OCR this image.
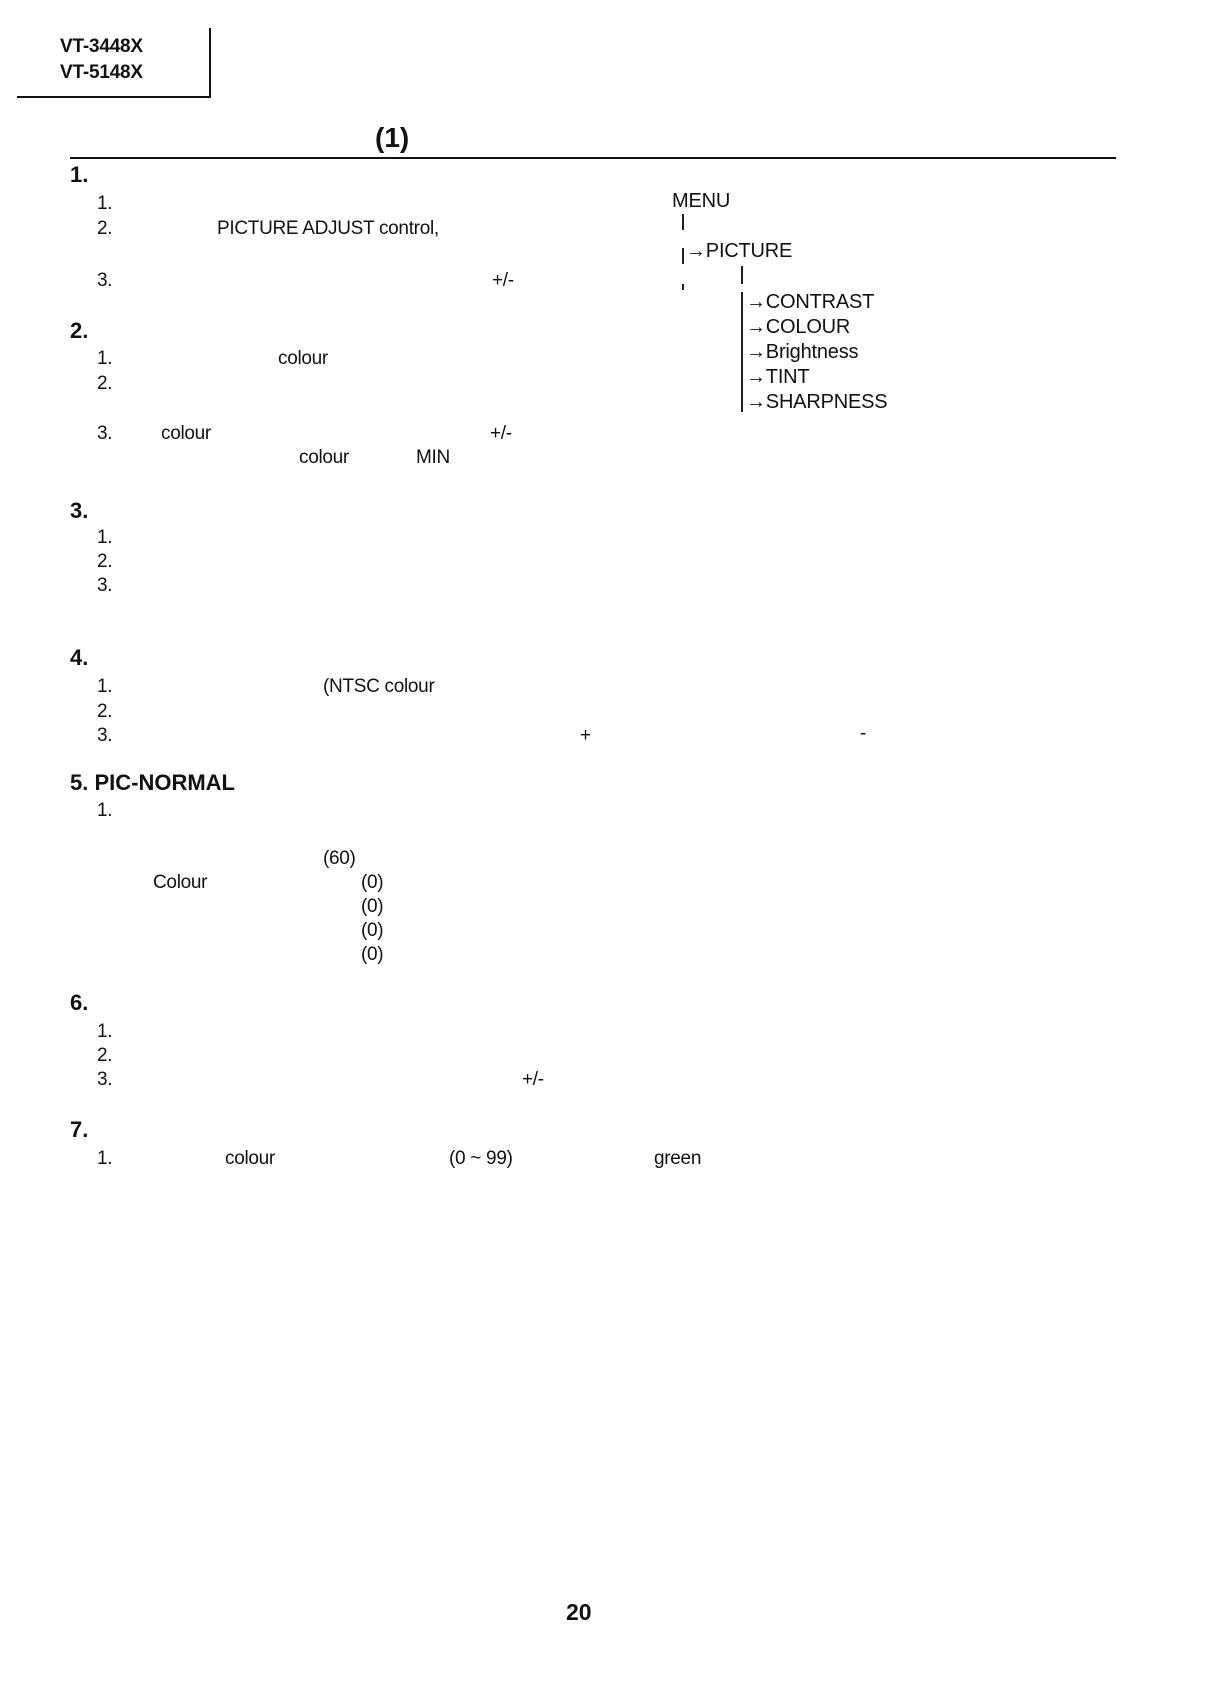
VT-3448X
VT-5148X
(1)
1.
1.
2.	PICTURE ADJUST control,
3.	+/-
2.
1.	colour
2.
3.	colour	+/-
colour	MIN
3.
1.
2.
3.
4.
1.	(NTSC colour
2.
3.	+	-
5. PIC-NORMAL
1.
(60)
Colour	(0)
(0)
(0)
(0)
6.
1.
2.
3.	+/-
7.
1.	colour	(0 ~ 99)	green
MENU
→PICTURE
→CONTRAST
→COLOUR
→Brightness
→TINT
→SHARPNESS
20
